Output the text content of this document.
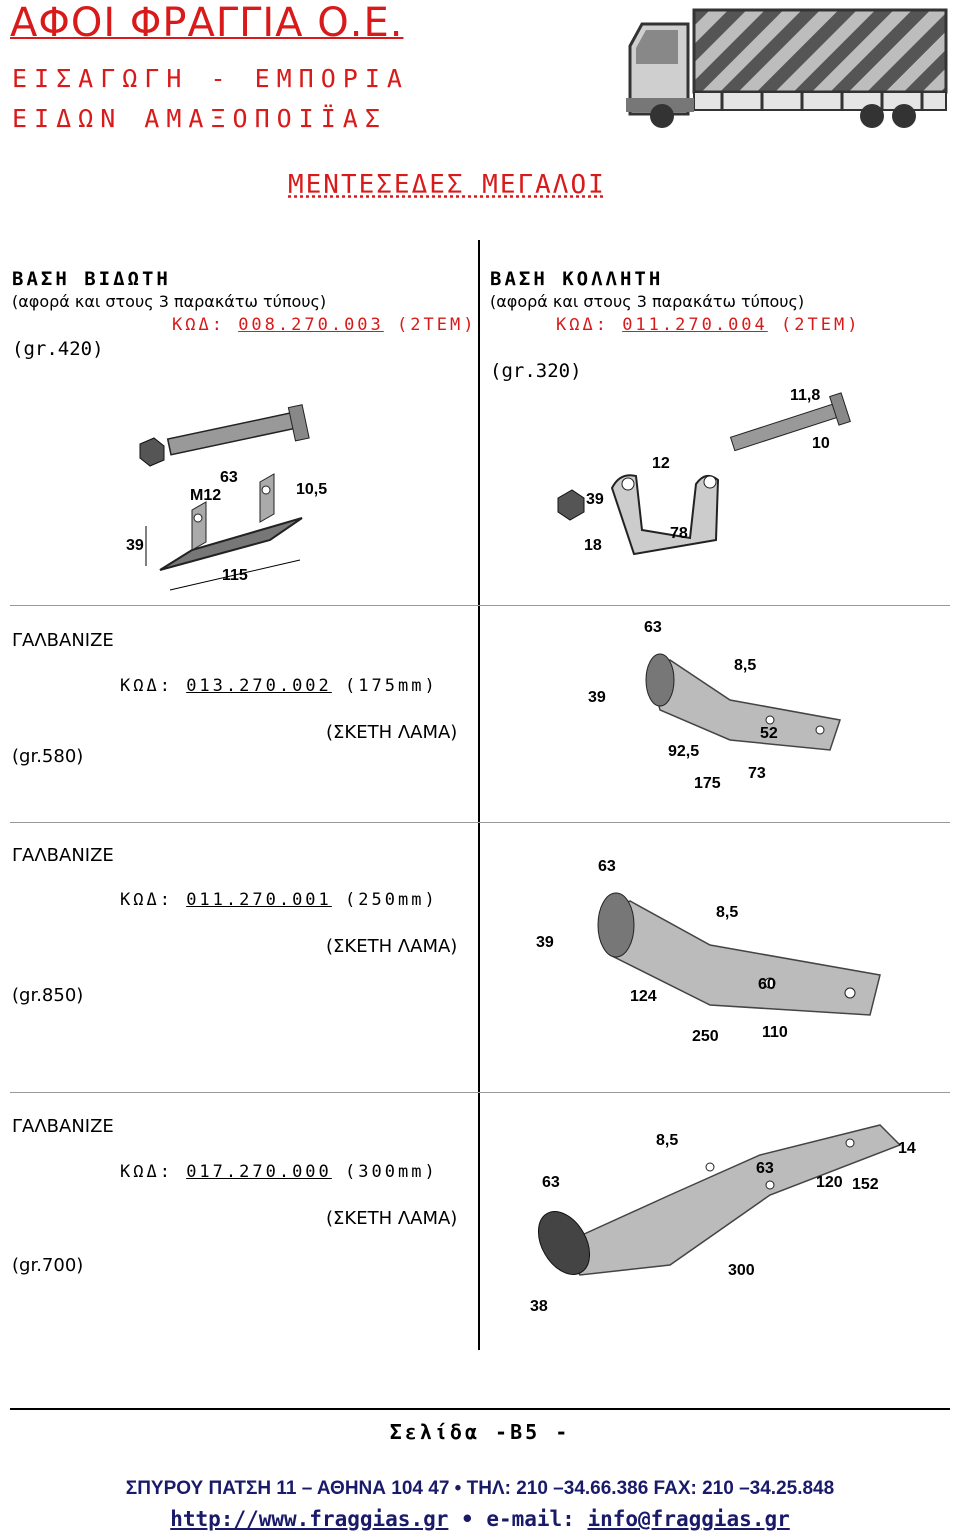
ΑΦΟΙ ΦΡΑΓΓΙΑ Ο.Ε.
ΕΙΣΑΓΩΓΗ - ΕΜΠΟΡΙΑ
ΕΙΔΩΝ ΑΜΑΞΟΠΟΙΪΑΣ
ΜΕΝΤΕΣΕΔΕΣ ΜΕΓΑΛΟΙ
ΒΑΣΗ ΒΙΔΩΤΗ
(αφορά και στους 3 παρακάτω τύπους)
ΚΩΔ: 008.270.003 (2ΤΕΜ)
(gr.420)
M12
63
10,5
39
115
ΒΑΣΗ ΚΟΛΛΗΤΗ
(αφορά και στους 3 παρακάτω τύπους)
ΚΩΔ: 011.270.004 (2ΤΕΜ)
(gr.320)
11,8
10
12
39
18
78
ΓΑΛΒΑΝΙΖΕ
ΚΩΔ: 013.270.002 (175mm)
(ΣΚΕΤΗ ΛΑΜΑ)
(gr.580)
63
39
8,5
52
92,5
175
73
ΓΑΛΒΑΝΙΖΕ
ΚΩΔ: 011.270.001 (250mm)
(ΣΚΕΤΗ ΛΑΜΑ)
(gr.850)
63
39
8,5
60
124
250	110
ΓΑΛΒΑΝΙΖΕ
ΚΩΔ: 017.270.000 (300mm)
(ΣΚΕΤΗ ΛΑΜΑ)
(gr.700)
8,5	14
63
63
120 152
300
38
Σελίδα -Β5 -
ΣΠΥΡΟΥ ΠΑΤΣΗ 11 – ΑΘΗΝΑ 104 47 • ΤΗΛ: 210 –34.66.386 FAX: 210 –34.25.848
http://www.fraggias.gr • e-mail: info@fraggias.gr
